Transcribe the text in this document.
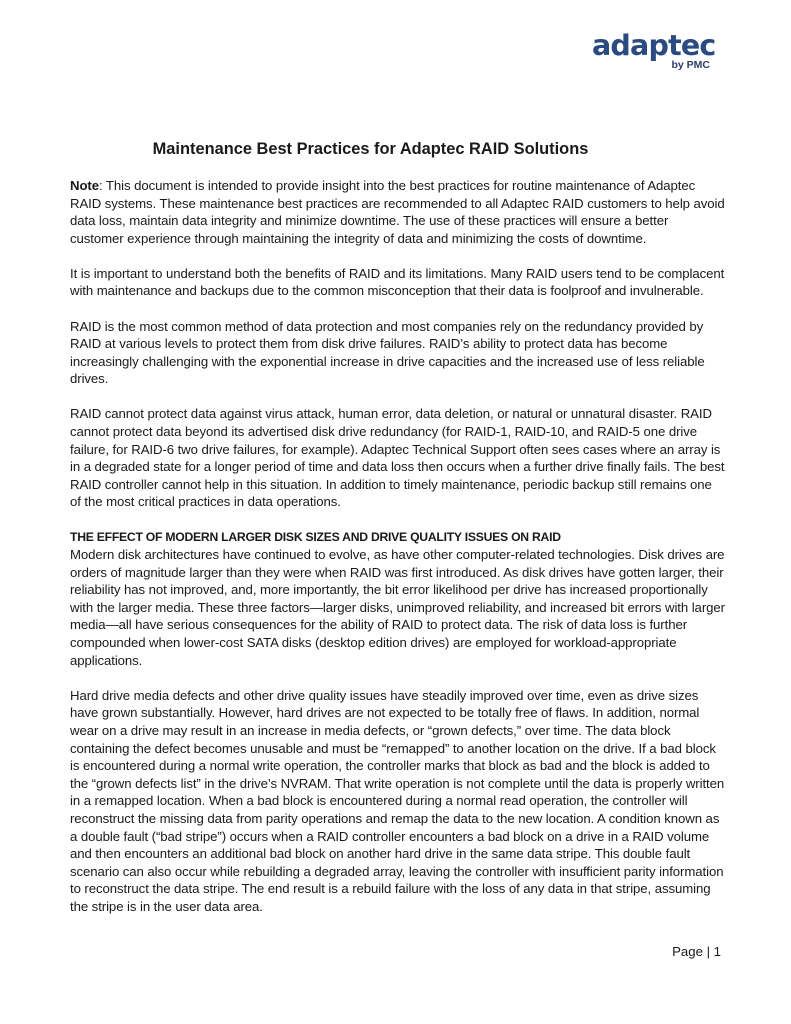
adaptec
by PMC
Maintenance Best Practices for Adaptec RAID Solutions

Note: This document is intended to provide insight into the best practices for routine maintenance of Adaptec RAID systems. These maintenance best practices are recommended to all Adaptec RAID customers to help avoid data loss, maintain data integrity and minimize downtime. The use of these practices will ensure a better customer experience through maintaining the integrity of data and minimizing the costs of downtime.

It is important to understand both the benefits of RAID and its limitations. Many RAID users tend to be complacent with maintenance and backups due to the common misconception that their data is foolproof and invulnerable.

RAID is the most common method of data protection and most companies rely on the redundancy provided by RAID at various levels to protect them from disk drive failures. RAID’s ability to protect data has become increasingly challenging with the exponential increase in drive capacities and the increased use of less reliable drives.

RAID cannot protect data against virus attack, human error, data deletion, or natural or unnatural disaster. RAID cannot protect data beyond its advertised disk drive redundancy (for RAID-1, RAID-10, and RAID-5 one drive failure, for RAID-6 two drive failures, for example). Adaptec Technical Support often sees cases where an array is in a degraded state for a longer period of time and data loss then occurs when a further drive finally fails. The best RAID controller cannot help in this situation. In addition to timely maintenance, periodic backup still remains one of the most critical practices in data operations.

THE EFFECT OF MODERN LARGER DISK SIZES AND DRIVE QUALITY ISSUES ON RAID

Modern disk architectures have continued to evolve, as have other computer-related technologies. Disk drives are orders of magnitude larger than they were when RAID was first introduced. As disk drives have gotten larger, their reliability has not improved, and, more importantly, the bit error likelihood per drive has increased proportionally with the larger media. These three factors—larger disks, unimproved reliability, and increased bit errors with larger media—all have serious consequences for the ability of RAID to protect data. The risk of data loss is further compounded when lower-cost SATA disks (desktop edition drives) are employed for workload-appropriate applications.

Hard drive media defects and other drive quality issues have steadily improved over time, even as drive sizes have grown substantially. However, hard drives are not expected to be totally free of flaws. In addition, normal wear on a drive may result in an increase in media defects, or “grown defects,” over time. The data block containing the defect becomes unusable and must be “remapped” to another location on the drive. If a bad block is encountered during a normal write operation, the controller marks that block as bad and the block is added to the “grown defects list” in the drive’s NVRAM. That write operation is not complete until the data is properly written in a remapped location. When a bad block is encountered during a normal read operation, the controller will reconstruct the missing data from parity operations and remap the data to the new location. A condition known as a double fault (“bad stripe”) occurs when a RAID controller encounters a bad block on a drive in a RAID volume and then encounters an additional bad block on another hard drive in the same data stripe. This double fault scenario can also occur while rebuilding a degraded array, leaving the controller with insufficient parity information to reconstruct the data stripe. The end result is a rebuild failure with the loss of any data in that stripe, assuming the stripe is in the user data area.

Page | 1
